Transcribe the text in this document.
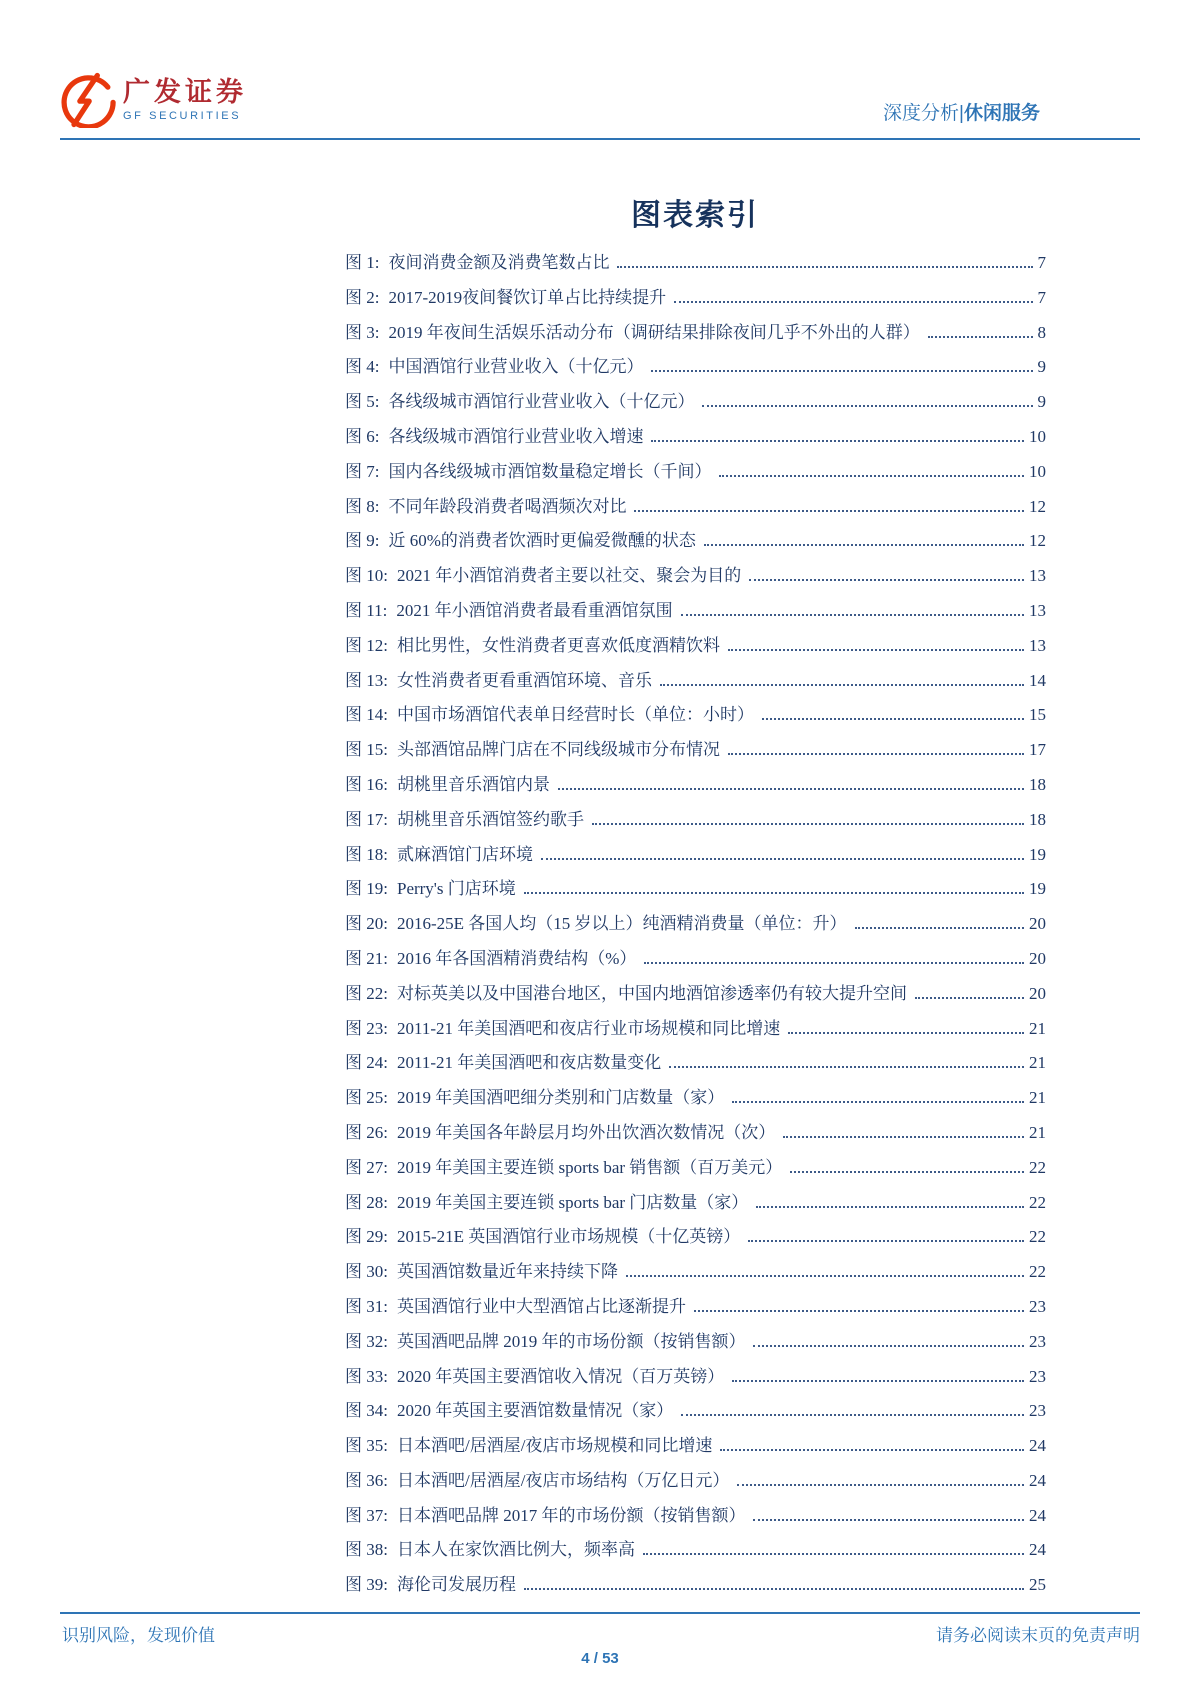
广发证券
GF SECURITIES	深度分析|休闲服务
图表索引
图 1: 夜间消费金额及消费笔数占比	7
图 2: 2017-2019夜间餐饮订单占比持续提升	7
图 3: 2019 年夜间生活娱乐活动分布（调研结果排除夜间几乎不外出的人群）	8
图 4: 中国酒馆行业营业收入（十亿元）	9
图 5: 各线级城市酒馆行业营业收入（十亿元）	9
图 6: 各线级城市酒馆行业营业收入增速	10
图 7: 国内各线级城市酒馆数量稳定增长（千间）	10
图 8: 不同年龄段消费者喝酒频次对比	12
图 9: 近 60%的消费者饮酒时更偏爱微醺的状态	12
图 10: 2021 年小酒馆消费者主要以社交、聚会为目的	13
图 11: 2021 年小酒馆消费者最看重酒馆氛围	13
图 12: 相比男性，女性消费者更喜欢低度酒精饮料	13
图 13: 女性消费者更看重酒馆环境、音乐	14
图 14: 中国市场酒馆代表单日经营时长（单位：小时）	15
图 15: 头部酒馆品牌门店在不同线级城市分布情况	17
图 16: 胡桃里音乐酒馆内景	18
图 17: 胡桃里音乐酒馆签约歌手	18
图 18: 贰麻酒馆门店环境	19
图 19: Perry's 门店环境	19
图 20: 2016-25E 各国人均（15 岁以上）纯酒精消费量（单位：升）	20
图 21: 2016 年各国酒精消费结构（%）	20
图 22: 对标英美以及中国港台地区，中国内地酒馆渗透率仍有较大提升空间	20
图 23: 2011-21 年美国酒吧和夜店行业市场规模和同比增速	21
图 24: 2011-21 年美国酒吧和夜店数量变化	21
图 25: 2019 年美国酒吧细分类别和门店数量（家）	21
图 26: 2019 年美国各年龄层月均外出饮酒次数情况（次）	21
图 27: 2019 年美国主要连锁 sports bar 销售额（百万美元）	22
图 28: 2019 年美国主要连锁 sports bar 门店数量（家）	22
图 29: 2015-21E 英国酒馆行业市场规模（十亿英镑）	22
图 30: 英国酒馆数量近年来持续下降	22
图 31: 英国酒馆行业中大型酒馆占比逐渐提升	23
图 32: 英国酒吧品牌 2019 年的市场份额（按销售额）	23
图 33: 2020 年英国主要酒馆收入情况（百万英镑）	23
图 34: 2020 年英国主要酒馆数量情况（家）	23
图 35: 日本酒吧/居酒屋/夜店市场规模和同比增速	24
图 36: 日本酒吧/居酒屋/夜店市场结构（万亿日元）	24
图 37: 日本酒吧品牌 2017 年的市场份额（按销售额）	24
图 38: 日本人在家饮酒比例大，频率高	24
图 39: 海伦司发展历程	25
识别风险，发现价值	请务必阅读末页的免责声明
4 / 53
